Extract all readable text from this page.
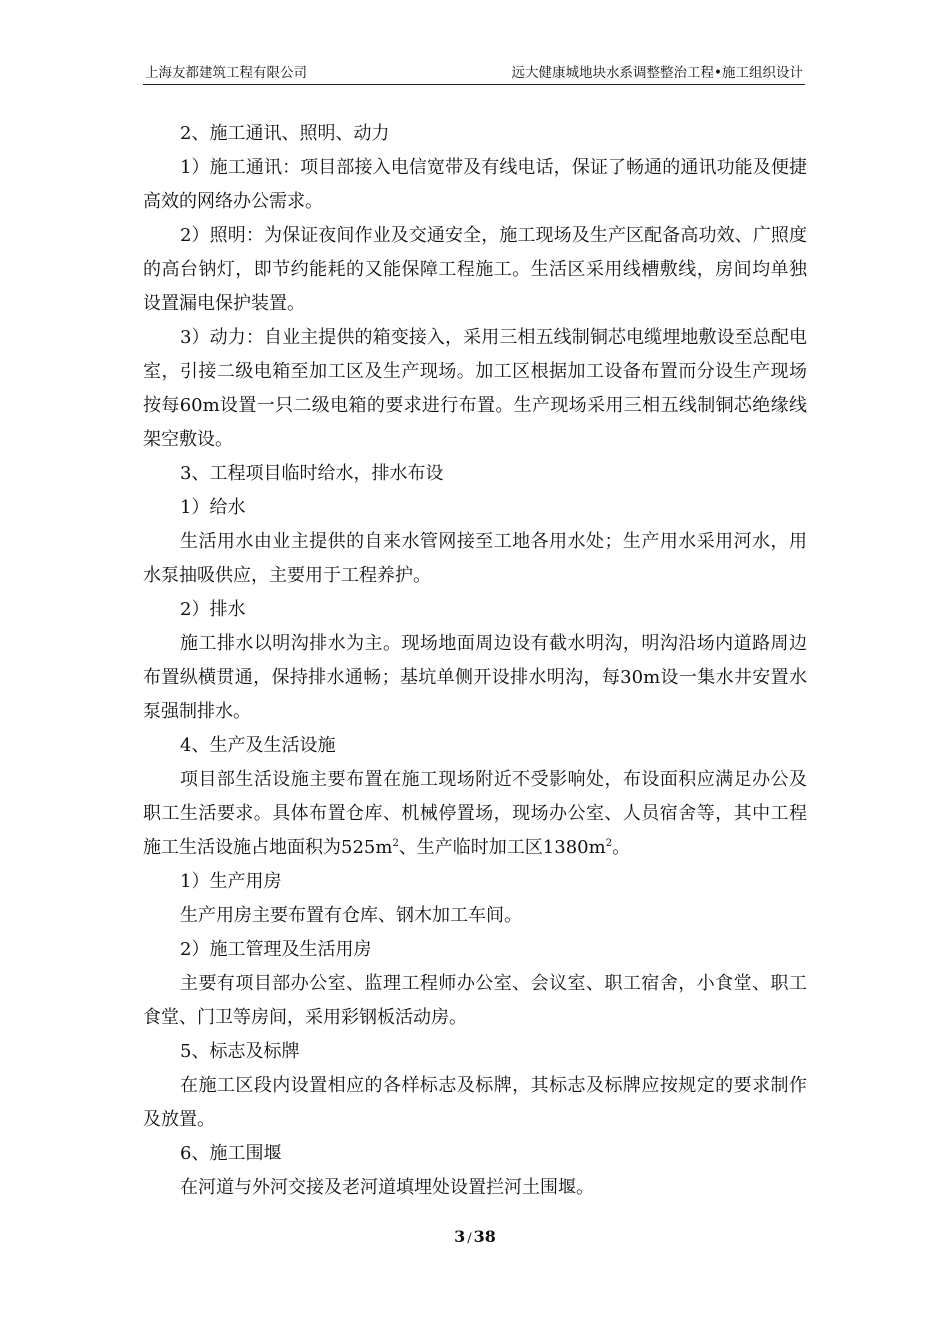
上海友都建筑工程有限公司	远大健康城地块水系调整整治工程•施工组织设计

2、施工通讯、照明、动力

1）施工通讯：项目部接入电信宽带及有线电话，保证了畅通的通讯功能及便捷高效的网络办公需求。

2）照明：为保证夜间作业及交通安全，施工现场及生产区配备高功效、广照度的高台钠灯，即节约能耗的又能保障工程施工。生活区采用线槽敷线，房间均单独设置漏电保护装置。

3）动力：自业主提供的箱变接入，采用三相五线制铜芯电缆埋地敷设至总配电室，引接二级电箱至加工区及生产现场。加工区根据加工设备布置而分设生产现场按每60m设置一只二级电箱的要求进行布置。生产现场采用三相五线制铜芯绝缘线架空敷设。

3、工程项目临时给水，排水布设

1）给水

生活用水由业主提供的自来水管网接至工地各用水处；生产用水采用河水，用水泵抽吸供应，主要用于工程养护。

2）排水

施工排水以明沟排水为主。现场地面周边设有截水明沟，明沟沿场内道路周边布置纵横贯通，保持排水通畅；基坑单侧开设排水明沟，每30m设一集水井安置水泵强制排水。

4、生产及生活设施

项目部生活设施主要布置在施工现场附近不受影响处，布设面积应满足办公及职工生活要求。具体布置仓库、机械停置场，现场办公室、人员宿舍等，其中工程施工生活设施占地面积为$525m^2$、生产临时加工区$1380m^2$。

1）生产用房

生产用房主要布置有仓库、钢木加工车间。

2）施工管理及生活用房

主要有项目部办公室、监理工程师办公室、会议室、职工宿舍，小食堂、职工食堂、门卫等房间，采用彩钢板活动房。

5、标志及标牌

在施工区段内设置相应的各样标志及标牌，其标志及标牌应按规定的要求制作及放置。

6、施工围堰

在河道与外河交接及老河道填埋处设置拦河土围堰。

3 / 38
